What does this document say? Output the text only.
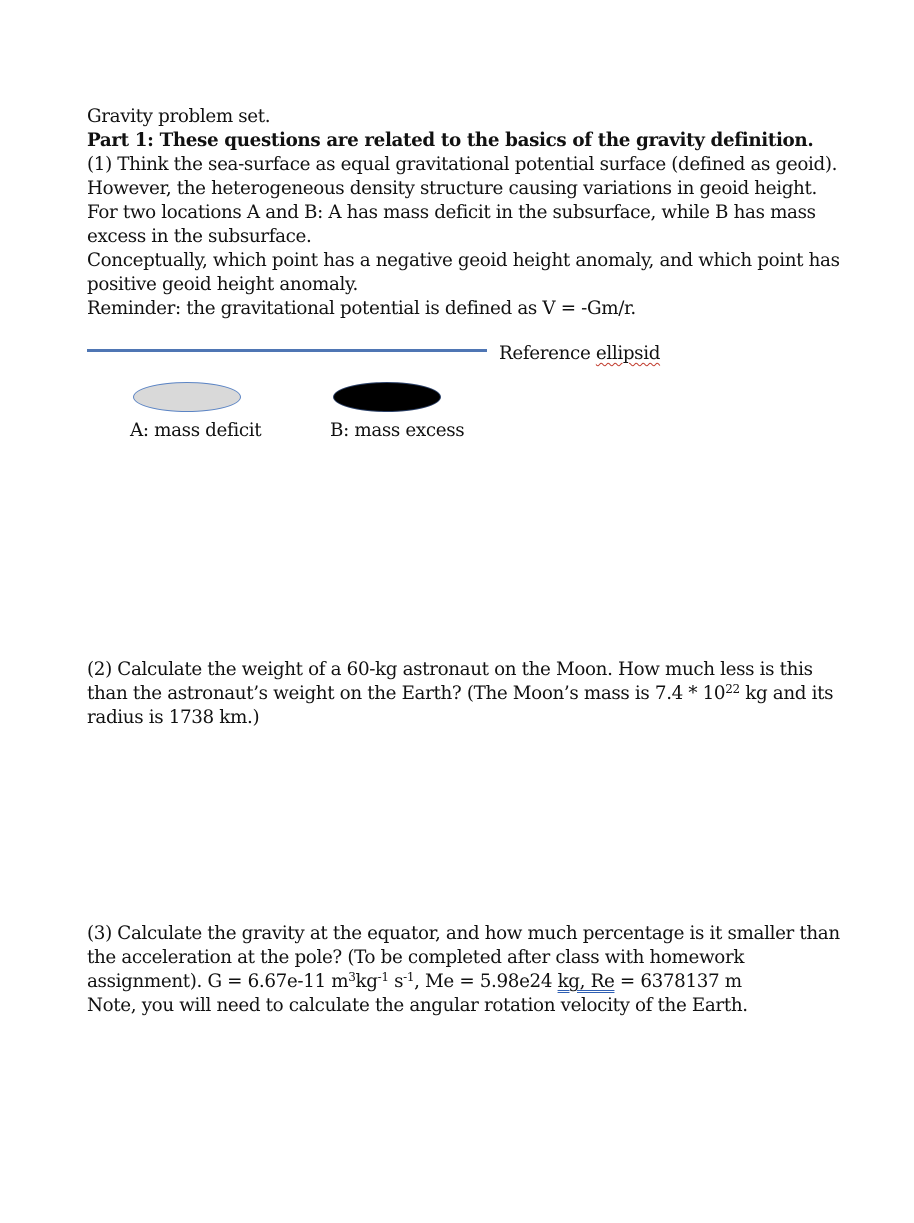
Gravity problem set.
Part 1: These questions are related to the basics of the gravity definition.
(1) Think the sea-surface as equal gravitational potential surface (defined as geoid).
However, the heterogeneous density structure causing variations in geoid height.
For two locations A and B: A has mass deficit in the subsurface, while B has mass
excess in the subsurface.
Conceptually, which point has a negative geoid height anomaly, and which point has
positive geoid height anomaly.
Reminder: the gravitational potential is defined as V = -Gm/r.
Reference ellipsid
A: mass deficit	B: mass excess
(2) Calculate the weight of a 60-kg astronaut on the Moon. How much less is this
than the astronaut’s weight on the Earth? (The Moon’s mass is $7.4 * 10^{22}$ kg and its
radius is 1738 km.)
(3) Calculate the gravity at the equator, and how much percentage is it smaller than
the acceleration at the pole? (To be completed after class with homework
assignment). G = 6.67e-11 $m^3kg^{-1}$ $s^{-1}$, Me = 5.98e24 kg, Re = 6378137 m
Note, you will need to calculate the angular rotation velocity of the Earth.
